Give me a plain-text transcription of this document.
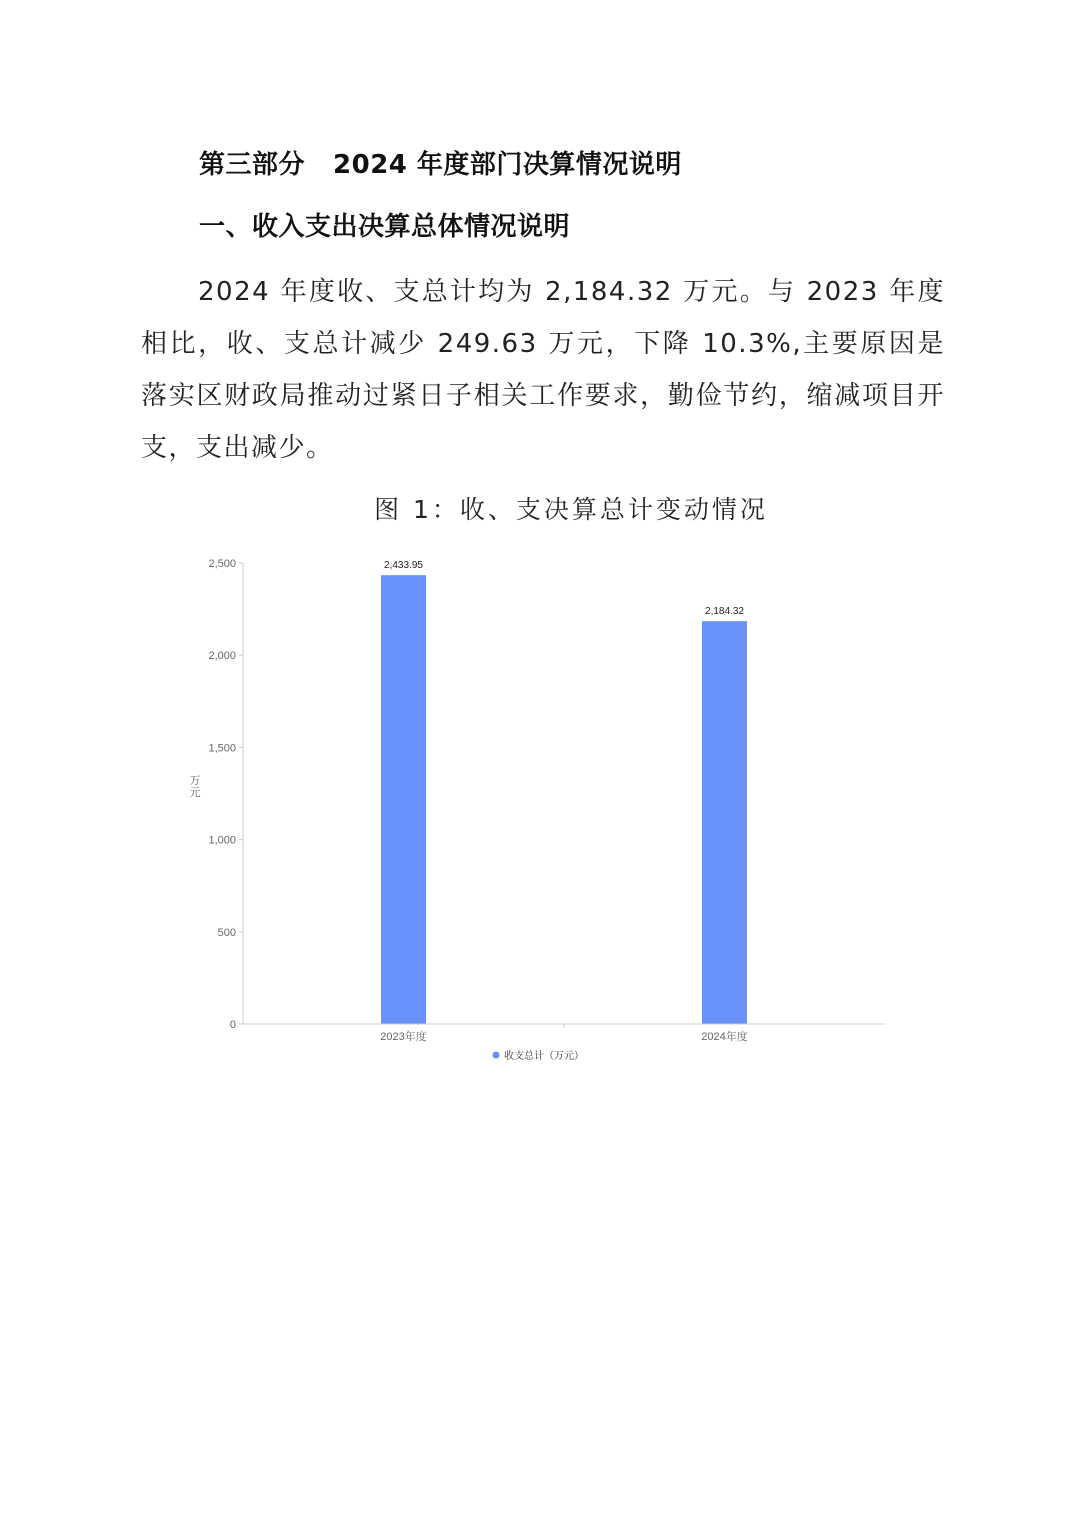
第三部分 2024 年度部门决算情况说明
一、收入支出决算总体情况说明

2024 年度收、支总计均为 2,184.32 万元。与 2023 年度相比，收、支总计减少 249.63 万元，下降 10.3%,主要原因是落实区财政局推动过紧日子相关工作要求，勤俭节约，缩减项目开支，支出减少。

图 1：收、支决算总计变动情况
0
500
1,000
1,500
2,000
2,500
万元
2,433.95
2,184.32
2023年度	2024年度
收支总计（万元）
